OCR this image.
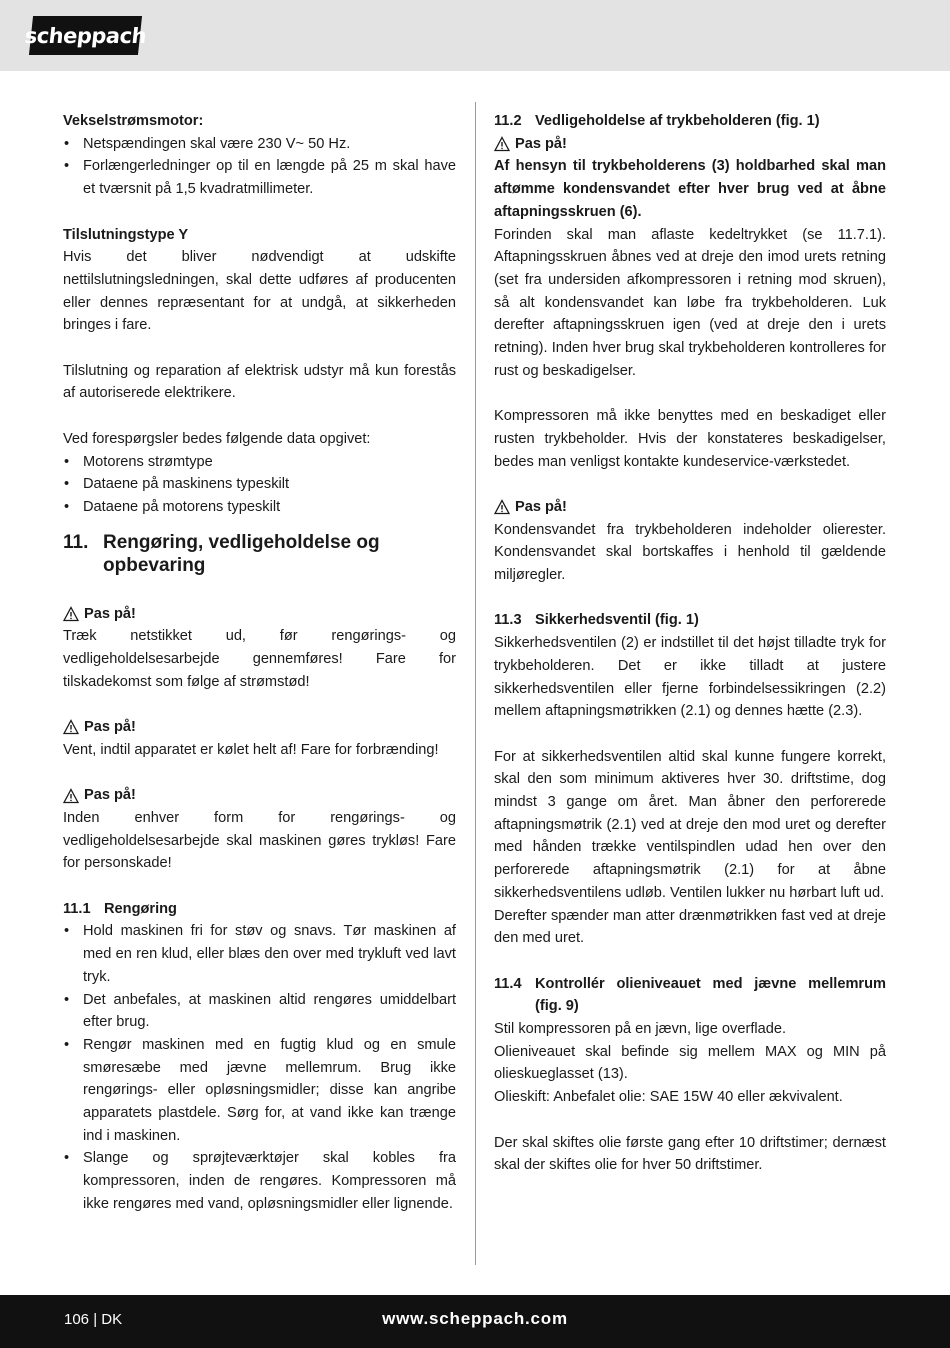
scheppach

Vekselstrømsmotor:

• Netspændingen skal være 230 V~ 50 Hz.
• Forlængerledninger op til en længde på 25 m skal have et tværsnit på 1,5 kvadratmillimeter.

Tilslutningstype Y

Hvis det bliver nødvendigt at udskifte nettilslutningsledningen, skal dette udføres af producenten eller dennes repræsentant for at undgå, at sikkerheden bringes i fare.

Tilslutning og reparation af elektrisk udstyr må kun forestås af autoriserede elektrikere.

Ved forespørgsler bedes følgende data opgivet:

• Motorens strømtype
• Dataene på maskinens typeskilt
• Dataene på motorens typeskilt
11. Rengøring, vedligeholdelse og opbevaring
Pas på!

Træk netstikket ud, før rengørings- og vedligeholdelsesarbejde gennemføres! Fare for tilskadekomst som følge af strømstød!

Pas på!

Vent, indtil apparatet er kølet helt af! Fare for forbrænding!

Pas på!

Inden enhver form for rengørings- og vedligeholdelsesarbejde skal maskinen gøres trykløs! Fare for personskade!

11.1 Rengøring
• Hold maskinen fri for støv og snavs. Tør maskinen af med en ren klud, eller blæs den over med trykluft ved lavt tryk.
• Det anbefales, at maskinen altid rengøres umiddelbart efter brug.
• Rengør maskinen med en fugtig klud og en smule smøresæbe med jævne mellemrum. Brug ikke rengørings- eller opløsningsmidler; disse kan angribe apparatets plastdele. Sørg for, at vand ikke kan trænge ind i maskinen.
• Slange og sprøjteværktøjer skal kobles fra kompressoren, inden de rengøres. Kompressoren må ikke rengøres med vand, opløsningsmidler eller lignende.
11.2 Vedligeholdelse af trykbeholderen (fig. 1)
Pas på!

Af hensyn til trykbeholderens (3) holdbarhed skal man aftømme kondensvandet efter hver brug ved at åbne aftapningsskruen (6).

Forinden skal man aflaste kedeltrykket (se 11.7.1). Aftapningsskruen åbnes ved at dreje den imod urets retning (set fra undersiden afkompressoren i retning mod skruen), så alt kondensvandet kan løbe fra trykbeholderen. Luk derefter aftapningsskruen igen (ved at dreje den i urets retning). Inden hver brug skal trykbeholderen kontrolleres for rust og beskadigelser.

Kompressoren må ikke benyttes med en beskadiget eller rusten trykbeholder. Hvis der konstateres beskadigelser, bedes man venligst kontakte kundeservice-værkstedet.

Pas på!

Kondensvandet fra trykbeholderen indeholder olierester. Kondensvandet skal bortskaffes i henhold til gældende miljøregler.

11.3 Sikkerhedsventil (fig. 1)

Sikkerhedsventilen (2) er indstillet til det højst tilladte tryk for trykbeholderen. Det er ikke tilladt at justere sikkerhedsventilen eller fjerne forbindelsessikringen (2.2) mellem aftapningsmøtrikken (2.1) og dennes hætte (2.3).

For at sikkerhedsventilen altid skal kunne fungere korrekt, skal den som minimum aktiveres hver 30. driftstime, dog mindst 3 gange om året. Man åbner den perforerede aftapningsmøtrik (2.1) ved at dreje den mod uret og derefter med hånden trække ventilspindlen udad hen over den perforerede aftapningsmøtrik (2.1) for at åbne sikkerhedsventilens udløb. Ventilen lukker nu hørbart luft ud.

Derefter spænder man atter drænmøtrikken fast ved at dreje den med uret.

11.4 Kontrollér olieniveauet med jævne mellemrum (fig. 9)

Stil kompressoren på en jævn, lige overflade.

Olieniveauet skal befinde sig mellem MAX og MIN på olieskueglasset (13).

Olieskift: Anbefalet olie: SAE 15W 40 eller ækvivalent.

Der skal skiftes olie første gang efter 10 driftstimer; dernæst skal der skiftes olie for hver 50 driftstimer.

106 | DK	www.scheppach.com
